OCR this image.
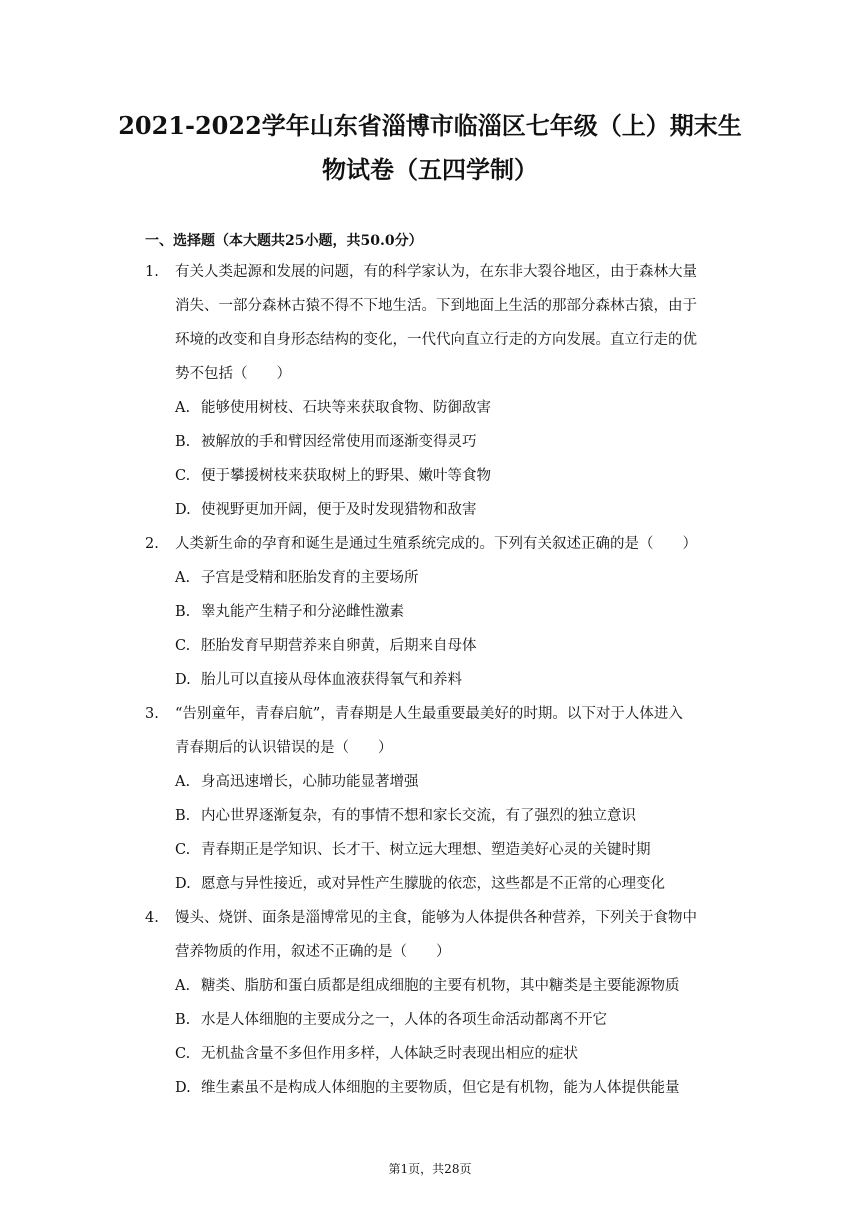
2021-2022学年山东省淄博市临淄区七年级（上）期末生
物试卷（五四学制）
一、选择题（本大题共25小题，共50.0分）
1. 有关人类起源和发展的问题，有的科学家认为，在东非大裂谷地区，由于森林大量
消失、一部分森林古猿不得不下地生活。下到地面上生活的那部分森林古猿，由于
环境的改变和自身形态结构的变化，一代代向直立行走的方向发展。直立行走的优
势不包括（　　）
A. 能够使用树枝、石块等来获取食物、防御敌害
B. 被解放的手和臂因经常使用而逐渐变得灵巧
C. 便于攀援树枝来获取树上的野果、嫩叶等食物
D. 使视野更加开阔，便于及时发现猎物和敌害
2. 人类新生命的孕育和诞生是通过生殖系统完成的。下列有关叙述正确的是（　　）
A. 子宫是受精和胚胎发育的主要场所
B. 睾丸能产生精子和分泌雌性激素
C. 胚胎发育早期营养来自卵黄，后期来自母体
D. 胎儿可以直接从母体血液获得氧气和养料
3. “告别童年，青春启航”，青春期是人生最重要最美好的时期。以下对于人体进入
青春期后的认识错误的是（　　）
A. 身高迅速增长，心肺功能显著增强
B. 内心世界逐渐复杂，有的事情不想和家长交流，有了强烈的独立意识
C. 青春期正是学知识、长才干、树立远大理想、塑造美好心灵的关键时期
D. 愿意与异性接近，或对异性产生朦胧的依恋，这些都是不正常的心理变化
4. 馒头、烧饼、面条是淄博常见的主食，能够为人体提供各种营养，下列关于食物中
营养物质的作用，叙述不正确的是（　　）
A. 糖类、脂肪和蛋白质都是组成细胞的主要有机物，其中糖类是主要能源物质
B. 水是人体细胞的主要成分之一，人体的各项生命活动都离不开它
C. 无机盐含量不多但作用多样，人体缺乏时表现出相应的症状
D. 维生素虽不是构成人体细胞的主要物质，但它是有机物，能为人体提供能量
第1页，共28页
